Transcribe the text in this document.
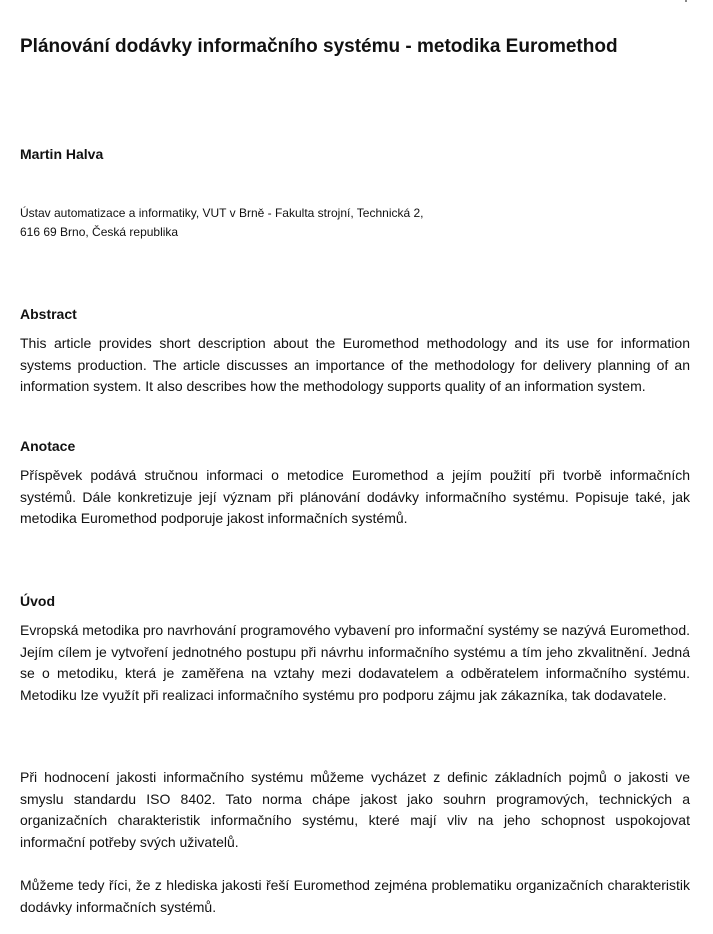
Plánování dodávky informačního systému - metodika Euromethod

Martin Halva

Ústav automatizace a informatiky, VUT v Brně - Fakulta strojní, Technická 2,
616 69 Brno, Česká republika
Abstract

This article provides short description about the Euromethod methodology and its use for information systems production. The article discusses an importance of the methodology for delivery planning of an information system. It also describes how the methodology supports quality of an information system.

Anotace

Příspěvek podává stručnou informaci o metodice Euromethod a jejím použití při tvorbě informačních systémů. Dále konkretizuje její význam při plánování dodávky informačního systému. Popisuje také, jak metodika Euromethod podporuje jakost informačních systémů.

Úvod

Evropská metodika pro navrhování programového vybavení pro informační systémy se nazývá Euromethod. Jejím cílem je vytvoření jednotného postupu při návrhu informačního systému a tím jeho zkvalitnění. Jedná se o metodiku, která je zaměřena na vztahy mezi dodavatelem a odběratelem informačního systému. Metodiku lze využít při realizaci informačního systému pro podporu zájmu jak zákazníka, tak dodavatele.

Při hodnocení jakosti informačního systému můžeme vycházet z definic základních pojmů o jakosti ve smyslu standardu ISO 8402. Tato norma chápe jakost jako souhrn programových, technických a organizačních charakteristik informačního systému, které mají vliv na jeho schopnost uspokojovat informační potřeby svých uživatelů.

Můžeme tedy říci, že z hlediska jakosti řeší Euromethod zejména problematiku organizačních charakteristik dodávky informačních systémů.
